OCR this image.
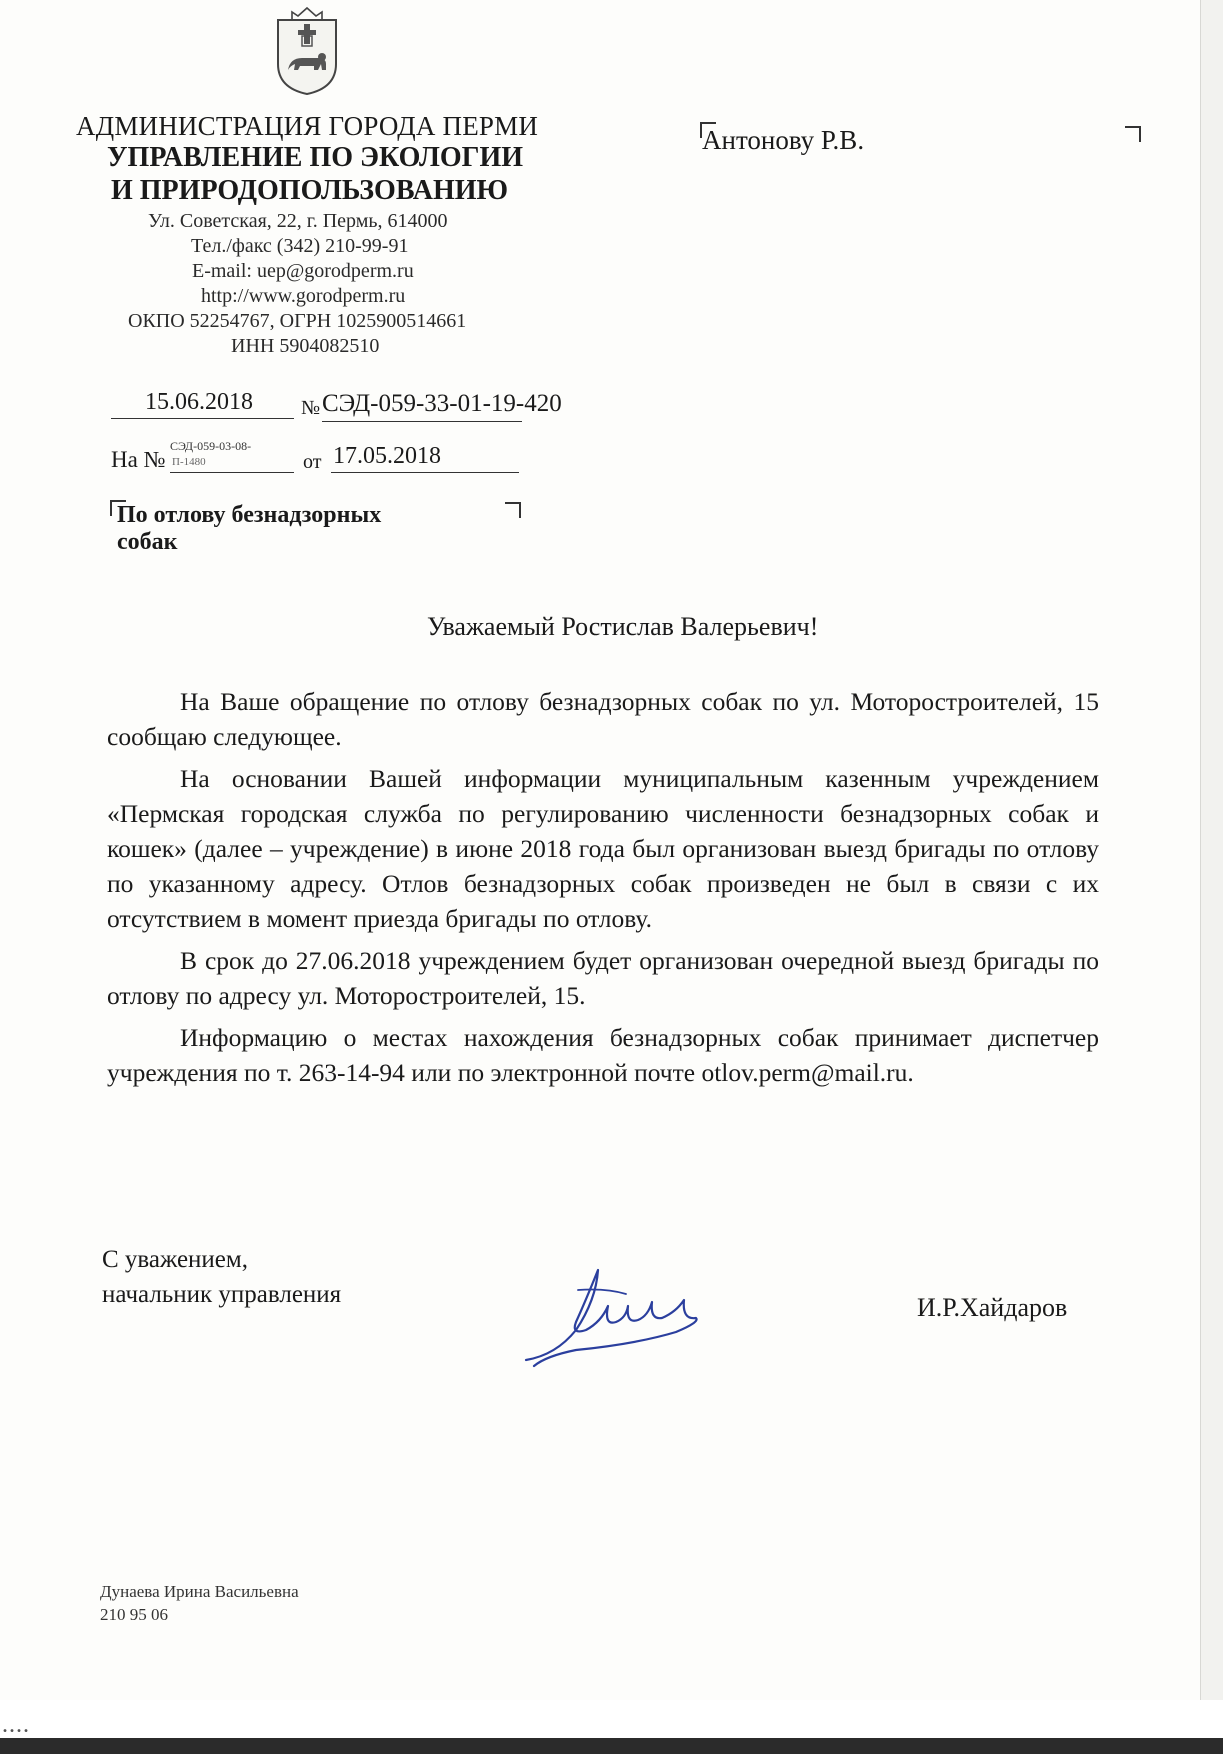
АДМИНИСТРАЦИЯ ГОРОДА ПЕРМИ
УПРАВЛЕНИЕ ПО ЭКОЛОГИИ
И ПРИРОДОПОЛЬЗОВАНИЮ
Ул. Советская, 22, г. Пермь, 614000
Тел./факс (342) 210-99-91
E-mail: uep@gorodperm.ru
http://www.gorodperm.ru
ОКПО 52254767, ОГРН 1025900514661
ИНН 5904082510
Антонову Р.В.
15.06.2018 № СЭД-059-33-01-19-420
На №
СЭД-059-03-08-
П-1480	от 17.05.2018
По отлову безнадзорных
собак
Уважаемый Ростислав Валерьевич!

На Ваше обращение по отлову безнадзорных собак по ул. Моторостроителей, 15 сообщаю следующее.

На основании Вашей информации муниципальным казенным учреждением «Пермская городская служба по регулированию численности безнадзорных собак и кошек» (далее – учреждение) в июне 2018 года был организован выезд бригады по отлову по указанному адресу. Отлов безнадзорных собак произведен не был в связи с их отсутствием в момент приезда бригады по отлову.

В срок до 27.06.2018 учреждением будет организован очередной выезд бригады по отлову по адресу ул. Моторостроителей, 15.

Информацию о местах нахождения безнадзорных собак принимает диспетчер учреждения по т. 263-14-94 или по электронной почте otlov.perm@mail.ru.

С уважением,
начальник управления	И.Р.Хайдаров
Дунаева Ирина Васильевна
210 95 06
∙∙∙∙
